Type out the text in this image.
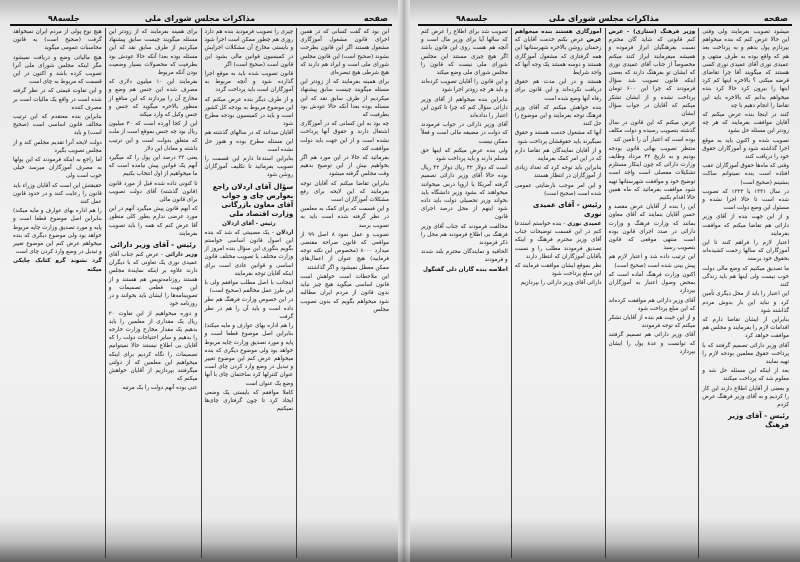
صفحه
مذاکرات مجلس شورای ملی
جلسه۹۸

این بود که گفت کسانی که در همین اجرای قانون مشغول آموزگاری مشغول هستند اگر این قانون بطرحت بشوند (صحیح است) این قانون مجلس شورای ملی است و ایراد هم دارند که هیچ شرطی هیچ تبصره‌ای

برای همینه بفرمایند که از زودتر این مسئله میگویند چیست سابق پیشنهاد میکردیم از طرف سابق نقد که این مسئله بوده بعدا آنکه حالا عودش بود بطرفیت که

چه بود به این کسانی که در آموزگاری اشتغال دارند و حقوق آنها پرداخت نشده است و از این جهت باید دولت موافقت کند

بفرمائید که حالا در این مورد هم اگر بخواهیم بیش از این توضیح بدهیم وقت مجلس گرفته میشود

بنابراین تقاضا میکنم که آقایان توجه بفرمایند که این لایحه برای رفع مشکلات آموزگاران است

و این قسمت که برای کمک به معلمین در نظر گرفته شده است باید به تصویب برسد

تصویب و عمل نمود ۸ اصل ۹۹ از مواقعی که قانون صراحة مقتضی میدارد ۸۰۰۰ (مخصوص این نکته توجه فرمایید) هیچ عنوان از اعمال‌های ممکن معطل نمیشود و اگر گذاشتند

این ملاحظات است خواهش است قانون اساسی میگوید هیچ چیز نباید بدون قانون از مردم ایران مطالبه شود میخواهم بگویم که بدون تصویب مجلس

چیزی را تصویب فرمودید بنده هم دارد روزی هم چطور ممکن است اجرا شود و بایستی مخارج آن مشکلات اجرایش در کمیسیون قوانین مالی بشود این قانون است (صحیح است) اگر

قانون تصویب شده باید به موقع اجرا گذارده شود و آنچه مربوط به آموزگاران است باید پرداخت گردد

و از طرف دیگر بنده عرض میکنم که این موضوع مربوط به بودجه کل کشور است و باید در کمیسیون بودجه مطرح شود

آقایان میدانند که در سالهای گذشته هم این مسئله مطرح بوده و هنوز حل نشده است

بنابراین استدعا دارم این قسمت را تصویب بفرمائید تا تکلیف آموزگاران روشن شود

سؤال آقای اردلان راجع بعوارض چای و جواب آقای معاون بازرگانی وزارت اقتصاد ملی

رئیس - آقای اردلان

اردلان - یک مصیبتی که شد که بنده این اصول قانون اساسی خواستم بگویم بنگوری این سؤال بنده امروز از وزارت مختلف یا تصویب مختلف قانون اساسی و قوانین عادی است برای اینکه آقایان توجه بفرمایند

اینجانب با اصل مطلب موافقم ولی با این طرز عمل مخالفم (صحیح است)

در این خصوص وزارت فرهنگ هم نظر داده است و باید آن را هم در نظر گرفت

را هم اداره بهای عوارف و مایه میکند) بنابراین اصل موضوع قطعا است و پایه و مورد تصدیق وزارت چایه مربوط خواهد بود ولی موضوع دیگری که بنده میخواهم عرض کنم این موضوع تغییر و تبدیل در وضع وارد کردن چای است عنوان کنترلها کرد ساختمان چای با آنها وضع یک عنوان است

کاملا موافقم که بایستی یک وضعی ایجاد کرد تا چون گرفتاری چای‌ها نمیکنیم

برای همینه بفرمایند که از زودتر این مسئله میگویند چیست سابق پیشنهاد میکردیم از طرف سابق نقد که این مسئله بوده بعدا آنکه حالا عودش بود بطرفیت که محصولات بسیار وضعیت بودن آنکه مربوط

بفرمایند این ۱۰ میلیون دلاری که مصرف شده این جنس هم وضع و مخارج آن را بپردازند که این منافع از منظور بالاخره میگوید که جنس و جنس وکیل که وارد میکند

این از کجا آورده است که ۴۰ میلیون ریال بود چه جنس بموقع است از ملت که متعلق بدولت است و این ترتیب داشته و معادل این دلار

یعنی ۲۳ درصد این پول را که میگیرد آنهم یک قوانین پیش نیامده است که ما میخواهیم از اول انتخاب بکنیم

تا کنونی داده شده قبل از مورد قانون (قانون گذشته) آقای دولت تصویب برای قانون مالی

که آنهم قانون پیش میگیرد آنهم در این مورد عرضی ندارم بطور کلی منظور آقا عرض کنم که همه را باید تصویب بفرمایند

رئیس - آقای وزیر دارائی

وزیر دارائی - عرض کنم جناب آقای عمیدی نوری یک تعاونی که با دیگران دارند علاوه بر اینکه نمایندهٔ مجلس هستند روزنامه‌نویس هم هستند و از این جهت قطعی تصمیمات و تصویبنامه‌ها را ایشان باید بخوانند و در روزنامه خود

و دوره میخواهیم از این تفاوت ۲۰ ریال یک مقداری از معلمین را باید بدهیم یک مقدار مخارج وزارت خارجه را بدهیم و سایر احتیاجات دولت را که آقایان بی اطلاع نیستند حالا نمیتوانیم تصمیمات را نگاه کردیم برای اینکه میخواهیم این معلمین که از دولتی میگرفتند بپردازیم از آقایان خواهش میکنم که

عنی بوده آنهم دولت را یک مرتبه

هیچ نوع پولی از مردم ایران نمیخواهد گرفت (صحیح است) به قانون محاسبات عمومی میگوید

هیچ مالیاتی وضع و دریافت نمیشود مگر اینکه مجلس شورای ملی آنرا تصویب کرده باشد و اکنون در این قسمت که مربوط به چای است

و این تفاوت قیمتی که در نظر گرفته شده است در واقع یک مالیات است بر مصرف کننده

بنابراین بنده معتقدم که این ترتیب مخالف قانون اساسی است (صحیح است) و باید

دولت لایحه آنرا تقدیم مجلس کند و از مجلس تصویب بگیرد

اما راجع به اینکه فرمودند که این پولها به مصرف آموزگاران میرسد خیلی خوب است ولی

حقیقتش این است که آقایان وزراء باید قانون را رعایت کنند و در حدود قانون عمل کنند

را هم اداره بهای عوارف و مایه میکند) بنابراین اصل موضوع قطعا است و پایه و مورد تصدیق وزارت چایه مربوط خواهد بود ولی موضوع دیگری که بنده میخواهم عرض کنم این موضوع تغییر و تبدیل در وضع وارد کردن چای است

گرد نشوند گرو کتابک چایکی میکنه

صفحه
مذاکرات مجلس شورای ملی
جلسه۹۸

میشود تصویب بفرمایند ولی وقتی این حالا عرض کنم که بنده میخواهم بپردازم پول بدهم و به پرداخت بعد هم که واقع بوده به طرف منتهی و عمیدی نوری آقای عمیدی نوری کسی هستند که میگویند آقا چرا تقاضای قرضه میکنی ؟ بالاخره اینها کم کرد اینها را بیرون کرد حالا کرد بنده میخواهم بدانم که بالاخره باید این تقاضا را انجام دهیم با چه

کنند در اینجا بنده عرض میکنم که آقایان موافقت بفرمایند که هر چه زودتر این مسئله حل بشود

تصویب شده و اکنون باید به موقع اجرا گذاشته شود و آموزگاران حقوق خود را دریافت کنند

وقتی که ماه‌ها حقوق آموزگاران عقب افتاده است بنده نمیتوانم ساکت بنشینم (صحیح است)

در سال ۱۳۳۱ یا ۱۳۳۲ که تصویب شده است تا حالا اجرا نشده و مسئول این وضع دولت است

و از این جهت بنده از آقای وزیر دارائی هم تقاضا میکنم که موافقت بفرمایند

اعتبار لازم را فراهم کنند تا این آموزگاران که سالها زحمت کشیده‌اند بحقوق خود برسند

ما تصدیق میکنیم که وضع مالی دولت خوب نیست ولی اینها هم باید زندگی کنند

این اعتبار را باید از محل دیگری تأمین کرد و نباید این بار بدوش مردم گذاشته شود

بنابراین از ایشان تقاضا دارم که اقدامات لازم را بفرمایند و مجلس هم موافقت خواهد کرد

آقای وزیر دارائی تصمیم گرفتند که با پرداخت حقوق معلمین بودجه لازم را تهیه نمایند

بعد از اینکه این مسئله حل شد و معلوم شد که پرداخت میکنند

و بعضی از آقایان اطلاع دارند این کار را کردیم و به آقای وزیر فرهنگ عرض کردم

رئیس - آقای وزیر فرهنگ

وزیر فرهنگ (ستاری) - عرض کنم قانونی که شاید گان محترم نسبت بفرهنگیان ابراز فرموده و همیشه میفرمایند ابراز کنند میکنم مخصوصاً از جناب آقای عمیدی نوری که ایشان تو بفرهنگ دارند که بعضی اینکه قانون تصویب شد سؤال فرمودند که چرا این ۶۰۰ تومان پرداخت نشده و از ایشان تشکر میکنم که آقایان در جواب سؤال ایشان

عرض میکنم که این قانون در سال گذشته بتصویب رسیده و دولت مکلف بوده است که اعتبار آن را تأمین کند

منتظر تصویب بهائی قانون بودجه بودیم و به تاریخ ۴۲ مرداد وظایف وزارت دارائی که چون اینکار مستلزم تشکیلات مفصلی است واجد است توضیح خود و موافقت شهرستانها تهیه شود موافقت بفرمائید که ماه همین حالا اقدام بکنیم

این را بنده از آقایان عرض مقصد و حسن آقایان بنمایند که آقای معاون بمانند که وزارت فرهنگ و وزارت دارائی در صدد اجرای قانون بوده است منتهی موقعی که قانون بتصویب رسید

این ترتیب داده شد و اعتبار لازم هم پیش بینی شده است (صحیح است)

اکنون وزارت فرهنگ آماده است که بمحض وصول اعتبار به آموزگاران بپردازد

آقای وزیر دارائی هم موافقت کرده‌اند که این مبلغ پرداخت شود

و از این حیث هم بنده از آقایان تشکر میکنم که توجه فرمودند

آقای وزیر دارائی هم تصمیم گرفتند که توانست و عدهٔ پول را ایشان بپردازد

آموزگاری هستند بنده میخواهم عرض عرض بکنم خدمت آقایان که زحمتان روشن بالاخره شهرستانها این همه گرفتاری که مشغول آموزگاری هستند و دوسه هستند یک وجه آنها که واجد شرایط

هستند و در این مدت هم حقوق دریافت نکرده‌اند و این قانون برای رفاه آنها وضع شده است

بنده خواهش میکنم که آقای وزیر فرهنگ توجه بفرمایند و این موضوع را حل کنند

آنها که مشغول خدمت هستند و حقوق نمیگیرند باید حقوقشان پرداخت شود

و از آقایان نمایندگان هم تقاضا دارم که در این امر کمک بفرمایند

بنابراین باید توجه کرد که تعداد زیادی از آموزگاران در انتظار هستند

و این امر موجب نارضایتی عمومی شده است (صحیح است)

رئیس - آقای عمیدی نوری

عمیدی نوری - بنده خواستم استدعا کنم در این قسمت توضیحات جناب آقای وزیر محترم فرهنگ و اینکه تصدیق فرمودند مطلب را و نسبت بآقایان آموزگاران که انتظار دارند

نظر بموقع ایشان موافقت فرمایند که این مبلغ پرداخت شود

دارائی آقای وزیر دارائی را بپردازیم

تصویب شد برای اطلاع را عرض کنم که سالها آیا برای وزیر مال است و آنچه هم هست روی این قانون باشد اگر هیچ چیزی مستند این مجلس شورای ملی نیست که قانون را مجلس شورای ملی وضع میکند

و این قانون را آقایان تصویب کرده‌اند و باید هر چه زودتر اجرا شود

بنابراین بنده میخواهم از آقای وزیر دارائی سؤال کنم که چرا تا کنون این اعتبار را نداده‌اند

آقای وزیر دارائی در جواب فرمودند که دولت در مضیقه مالی است و فعلاً ممکن نیست

ولی بنده عرض میکنم که اینها حق مسلم دارند و باید پرداخت شود

است که دولار ۴۲ ریال دولار ۴۲ ریال بوده حالا آقای وزیر دارائی تصمیم گرفته آمریکا یا اروپا درس میخوانند میخواهند که بشود وزیر دانشگاه باید بخواند وزیر تحصیلی دولت باید داده شود اینهم از محل درصد اجرای قانون

مخالفت فرمودند که جناب آقای وزیر فرهنگ بی اطلاع فرمودند هم محل را ذکر فرمودند

الحاقیه و نمایندگان محترم بلند شدند و فرمودند

اخلاصه بنده گاران دلی گفتگول
